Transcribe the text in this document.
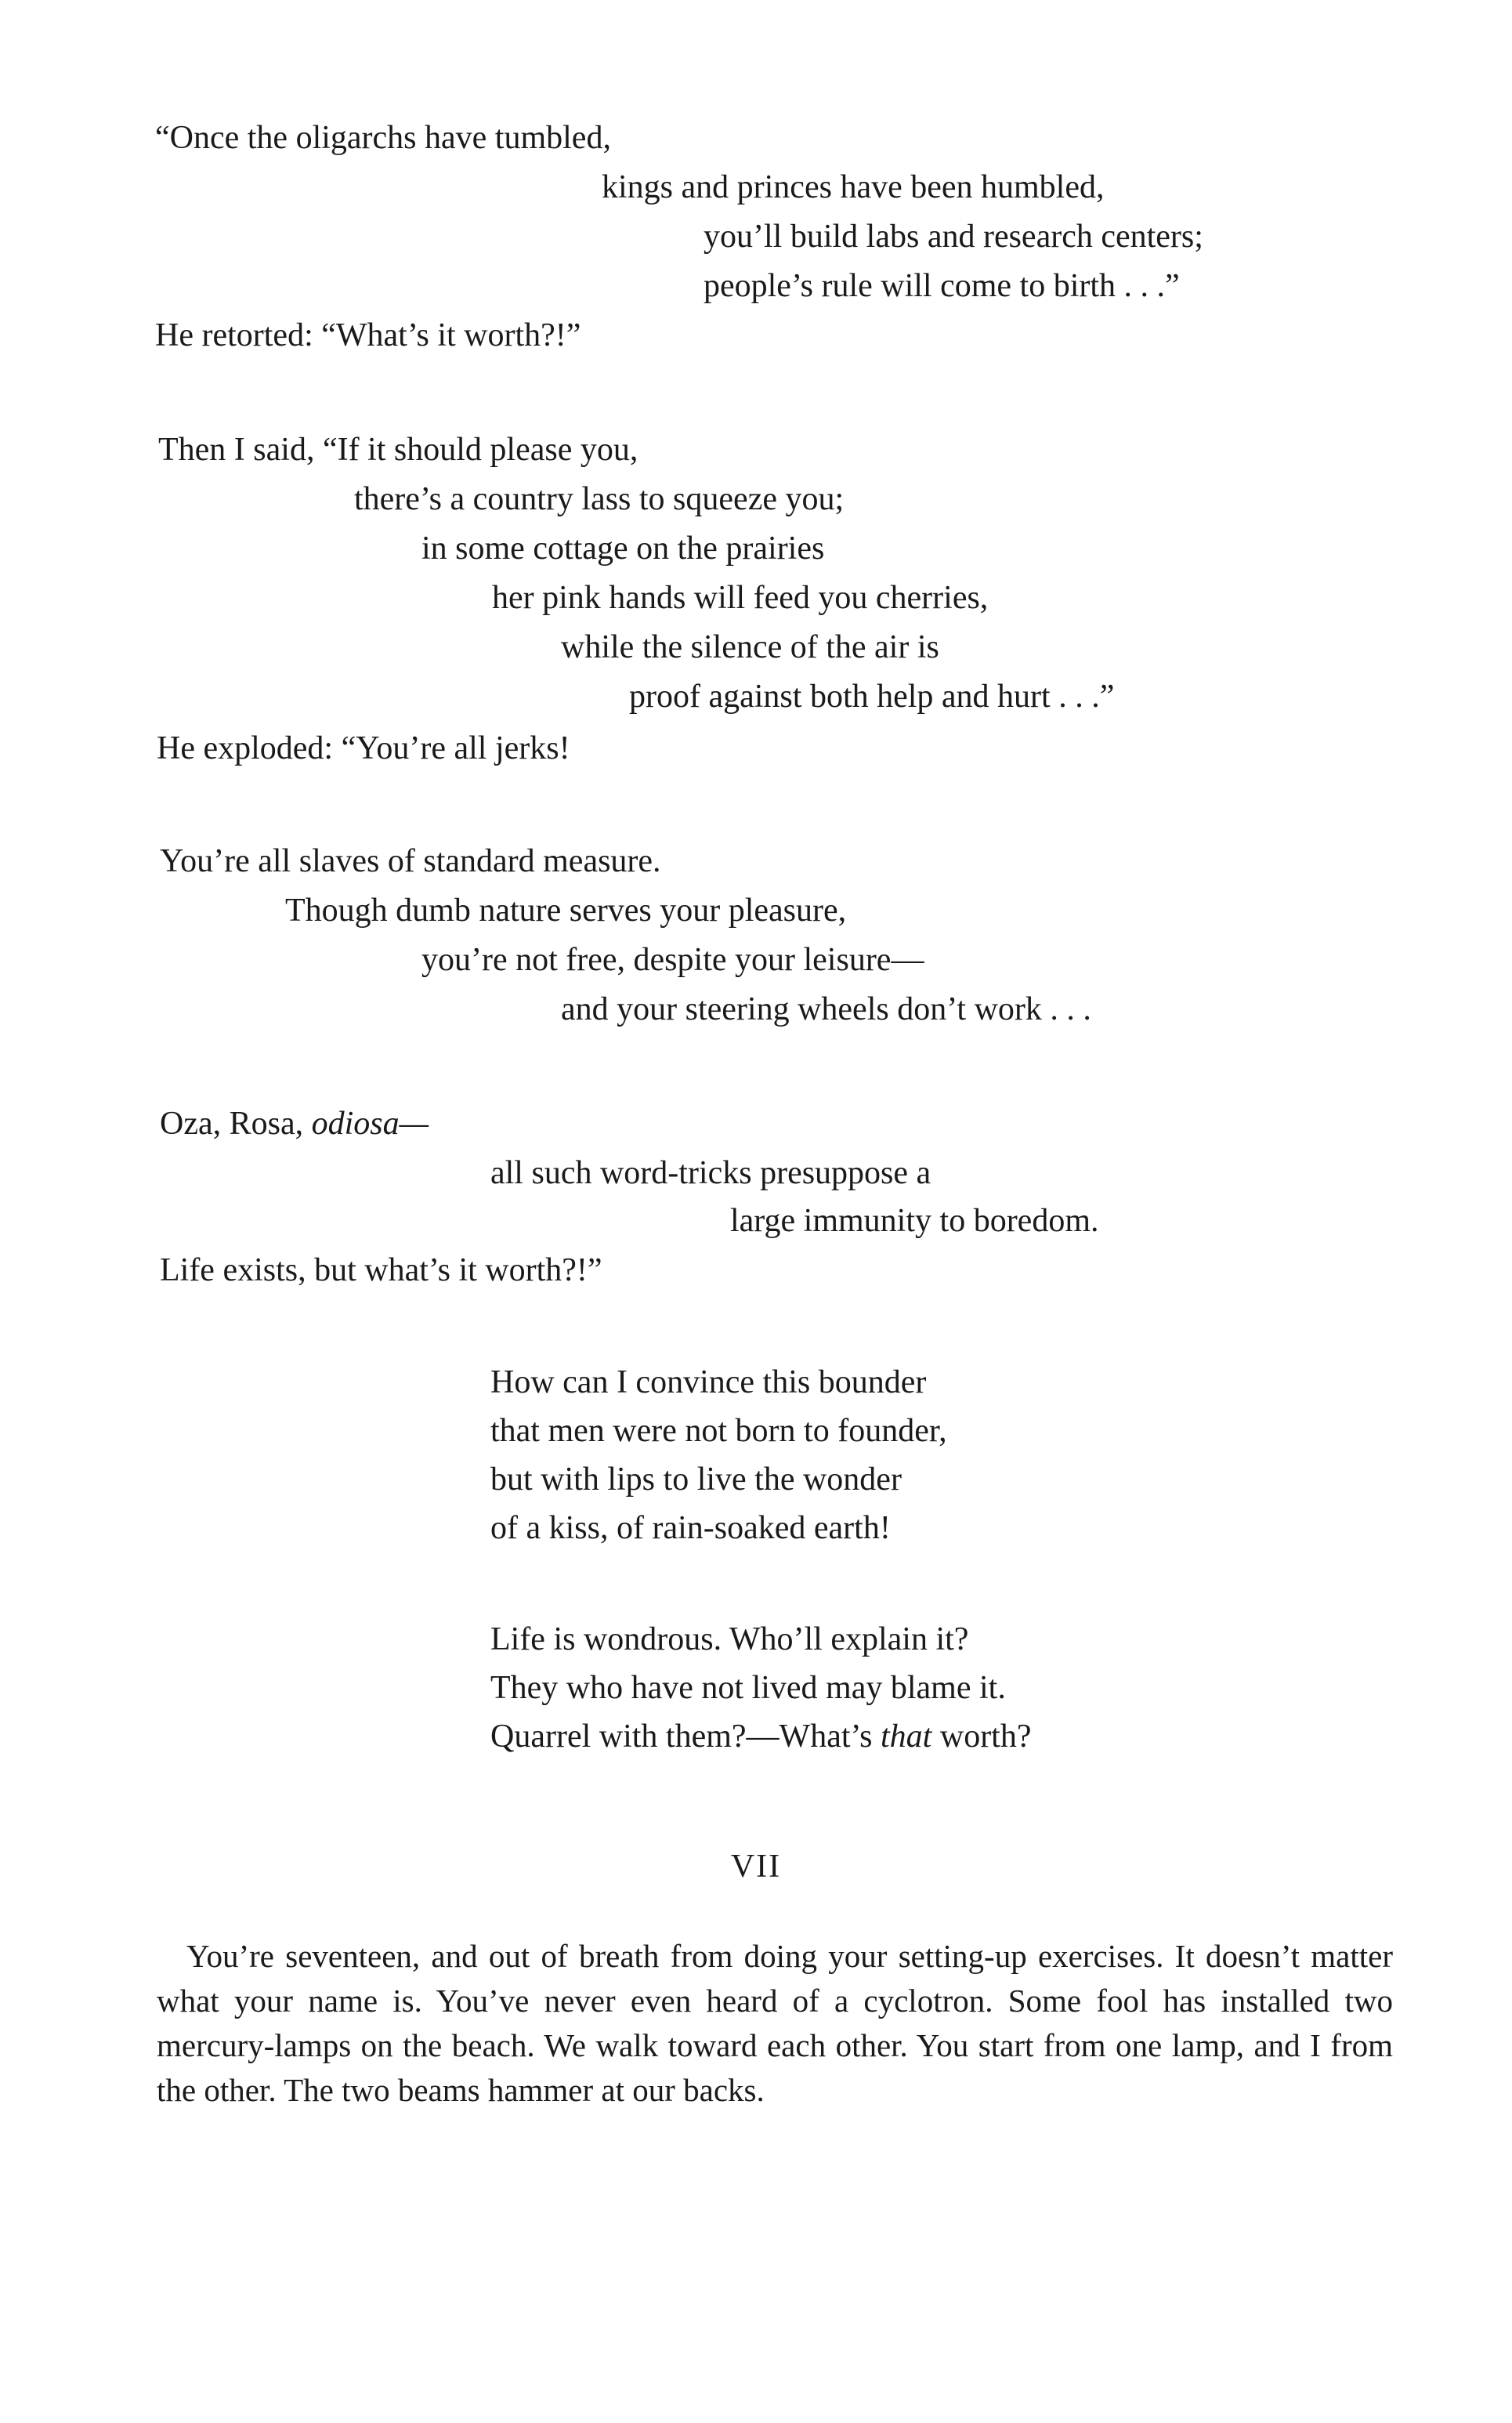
“Once the oligarchs have tumbled,
kings and princes have been humbled,
you’ll build labs and research centers;
people’s rule will come to birth . . .”
He retorted: “What’s it worth?!”
Then I said, “If it should please you,
there’s a country lass to squeeze you;
in some cottage on the prairies
her pink hands will feed you cherries,
while the silence of the air is
proof against both help and hurt . . .”
He exploded: “You’re all jerks!
You’re all slaves of standard measure.
Though dumb nature serves your pleasure,
you’re not free, despite your leisure—
and your steering wheels don’t work . . .
Oza, Rosa, odiosa—
all such word-tricks presuppose a
large immunity to boredom.
Life exists, but what’s it worth?!”
How can I convince this bounder
that men were not born to founder,
but with lips to live the wonder
of a kiss, of rain-soaked earth!
Life is wondrous. Who’ll explain it?
They who have not lived may blame it.
Quarrel with them?—What’s that worth?
VII
You’re seventeen, and out of breath from doing your setting-up exercises. It doesn’t matter what your name is. You’ve never even heard of a cyclotron. Some fool has installed two mercury-lamps on the beach. We walk toward each other. You start from one lamp, and I from the other. The two beams hammer at our backs.
